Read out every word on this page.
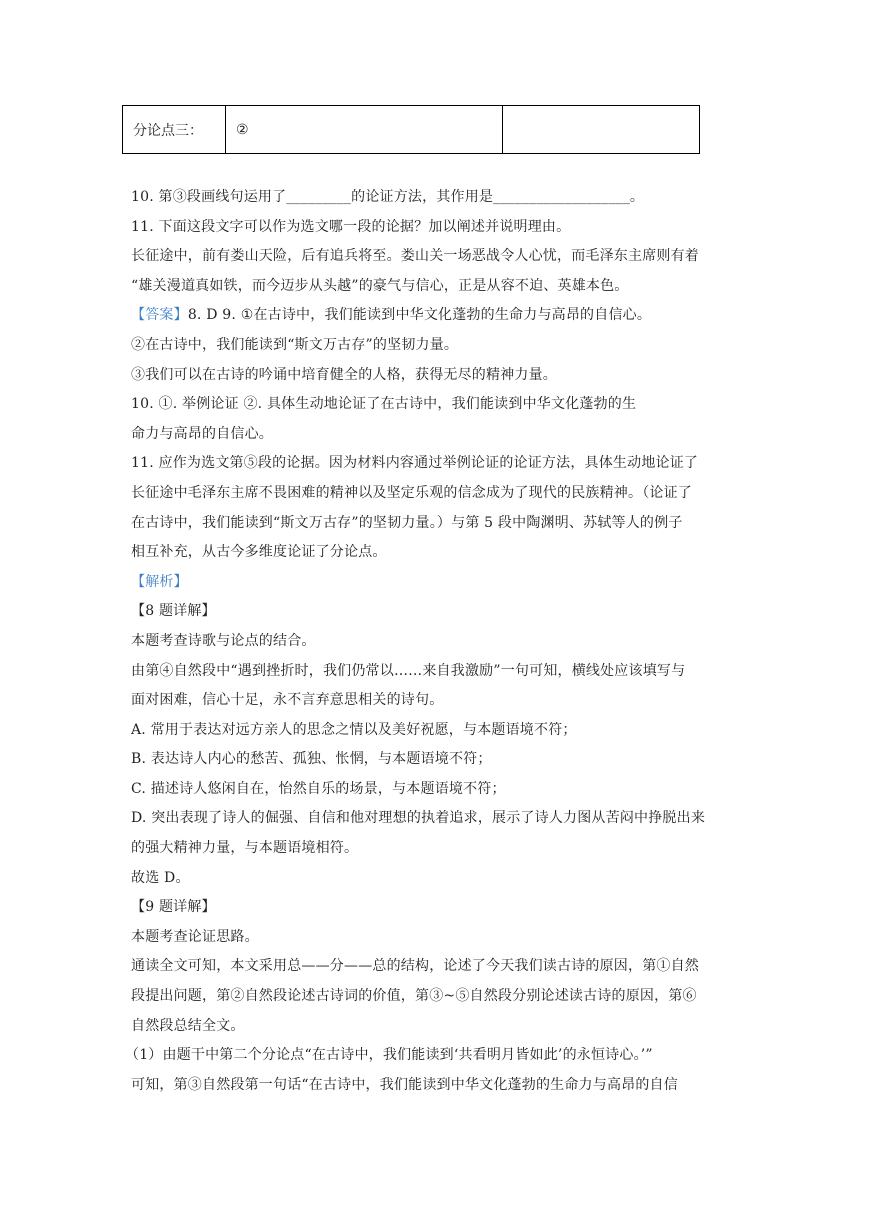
分论点三：	②	
10. 第③段画线句运用了_________的论证方法，其作用是___________________。
11. 下面这段文字可以作为选文哪一段的论据？加以阐述并说明理由。
长征途中，前有娄山天险，后有追兵将至。娄山关一场恶战令人心忧，而毛泽东主席则有着
“雄关漫道真如铁，而今迈步从头越”的豪气与信心，正是从容不迫、英雄本色。
【答案】8. D 9. ①在古诗中，我们能读到中华文化蓬勃的生命力与高昂的自信心。
②在古诗中，我们能读到“斯文万古存”的坚韧力量。
③我们可以在古诗的吟诵中培育健全的人格，获得无尽的精神力量。
10. ①. 举例论证 ②. 具体生动地论证了在古诗中，我们能读到中华文化蓬勃的生
命力与高昂的自信心。
11. 应作为选文第⑤段的论据。因为材料内容通过举例论证的论证方法，具体生动地论证了
长征途中毛泽东主席不畏困难的精神以及坚定乐观的信念成为了现代的民族精神。（论证了
在古诗中，我们能读到“斯文万古存”的坚韧力量。）与第 5 段中陶渊明、苏轼等人的例子
相互补充，从古今多维度论证了分论点。
【解析】
【8 题详解】
本题考查诗歌与论点的结合。
由第④自然段中“遇到挫折时，我们仍常以……来自我激励”一句可知，横线处应该填写与
面对困难，信心十足，永不言弃意思相关的诗句。
A. 常用于表达对远方亲人的思念之情以及美好祝愿，与本题语境不符；
B. 表达诗人内心的愁苦、孤独、怅惘，与本题语境不符；
C. 描述诗人悠闲自在，怡然自乐的场景，与本题语境不符；
D. 突出表现了诗人的倔强、自信和他对理想的执着追求，展示了诗人力图从苦闷中挣脱出来
的强大精神力量，与本题语境相符。
故选 D。
【9 题详解】
本题考查论证思路。
通读全文可知，本文采用总——分——总的结构，论述了今天我们读古诗的原因，第①自然
段提出问题，第②自然段论述古诗词的价值，第③~⑤自然段分别论述读古诗的原因，第⑥
自然段总结全文。
（1）由题干中第二个分论点“在古诗中，我们能读到‘共看明月皆如此’的永恒诗心。’”
可知，第③自然段第一句话“在古诗中，我们能读到中华文化蓬勃的生命力与高昂的自信
